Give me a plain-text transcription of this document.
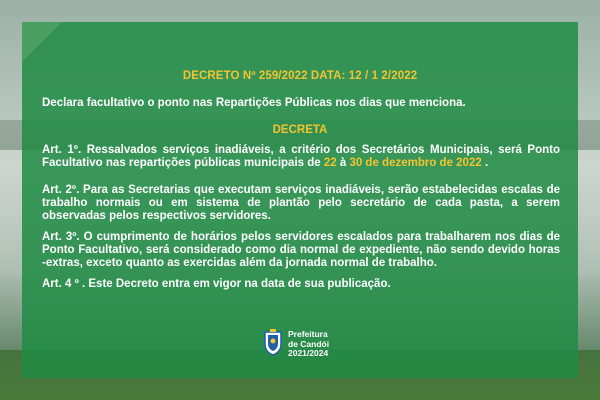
DECRETO Nº 259/2022 DATA: 12 / 1 2/2022
Declara facultativo o ponto nas Repartições Públicas nos dias que menciona.
DECRETA
Art. 1º. Ressalvados serviços inadiáveis, a critério dos Secretários Municipais, será Ponto Facultativo nas repartições públicas municipais de 22 à 30 de dezembro de 2022 .
Art. 2º. Para as Secretarias que executam serviços inadiáveis, serão estabelecidas escalas de trabalho normais ou em sistema de plantão pelo secretário de cada pasta, a serem observadas pelos respectivos servidores.
Art. 3º. O cumprimento de horários pelos servidores escalados para trabalharem nos dias de Ponto Facultativo, será considerado como dia normal de expediente, não sendo devido horas -extras, exceto quanto as exercidas além da jornada normal de trabalho.
Art. 4 º . Este Decreto entra em vigor na data de sua publicação.
Prefeitura
de Candói
2021/2024
